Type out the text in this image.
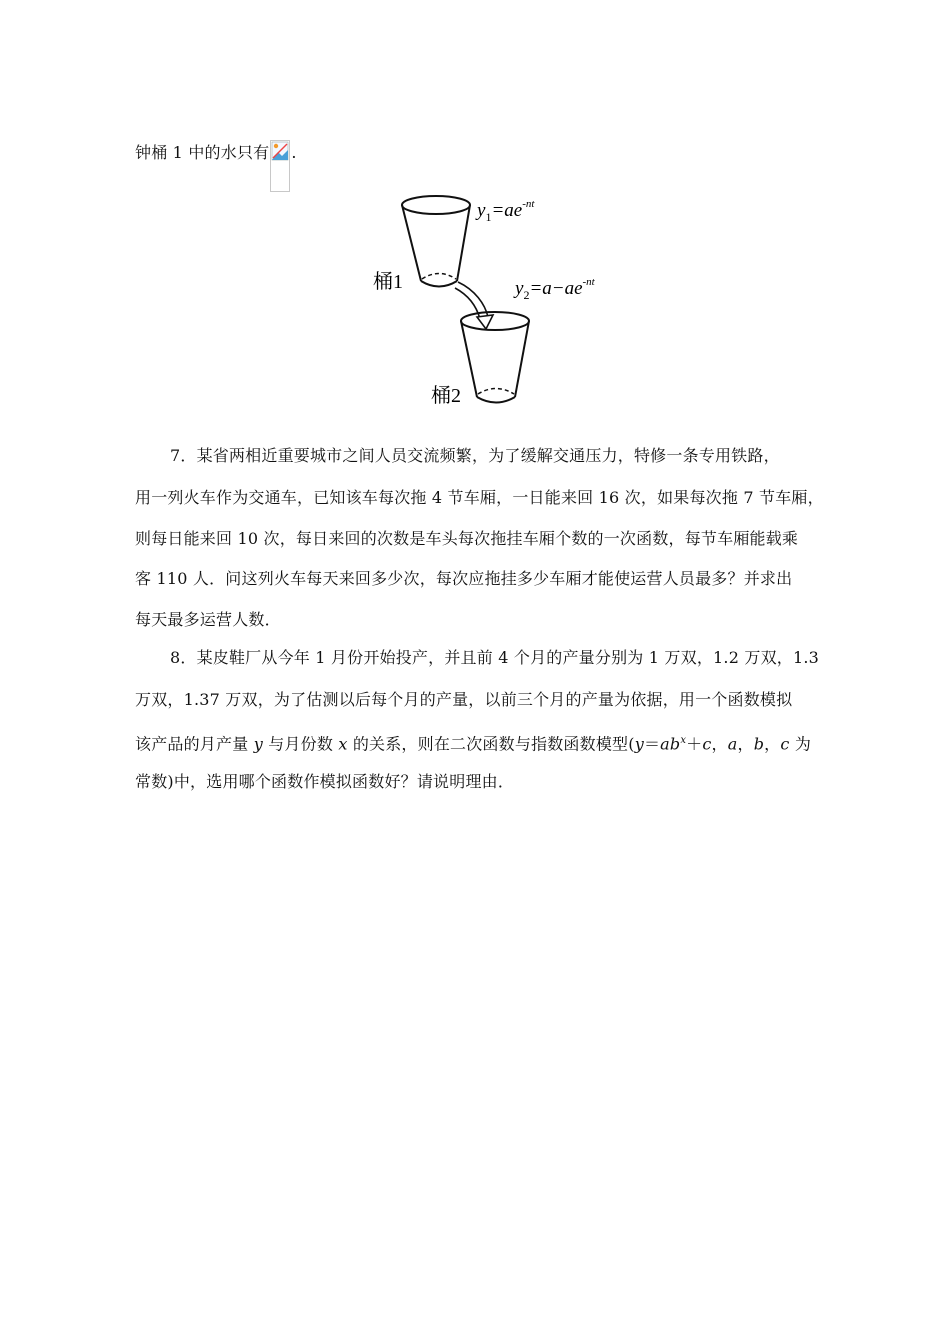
钟桶 1 中的水只有 .
$y_1=ae^{-nt}$
$y_2=a-ae^{-nt}$
桶1
桶2
7．某省两相近重要城市之间人员交流频繁，为了缓解交通压力，特修一条专用铁路，
用一列火车作为交通车，已知该车每次拖 4 节车厢，一日能来回 16 次，如果每次拖 7 节车厢，
则每日能来回 10 次，每日来回的次数是车头每次拖挂车厢个数的一次函数，每节车厢能载乘
客 110 人．问这列火车每天来回多少次，每次应拖挂多少车厢才能使运营人员最多？并求出
每天最多运营人数．
8．某皮鞋厂从今年 1 月份开始投产，并且前 4 个月的产量分别为 1 万双，1.2 万双，1.3
万双，1.37 万双，为了估测以后每个月的产量，以前三个月的产量为依据，用一个函数模拟
该产品的月产量 y 与月份数 x 的关系，则在二次函数与指数函数模型($y=ab^x+c$，a，b，c 为
常数)中，选用哪个函数作模拟函数好？请说明理由．
